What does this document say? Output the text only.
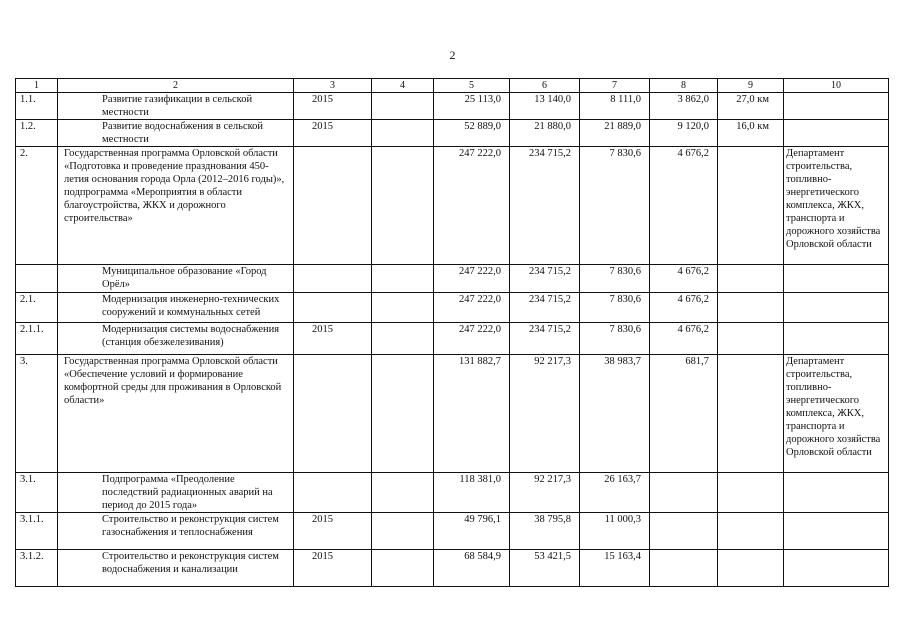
2
1	2	3	4	5	6	7	8	9	10
1.1.	Развитие газификации в сельской местности	2015		25 113,0	13 140,0	8 111,0	3 862,0	27,0 км	
1.2.	Развитие водоснабжения в сельской местности	2015		52 889,0	21 880,0	21 889,0	9 120,0	16,0 км	
2.	Государственная программа Орловской области «Подготовка и проведение празднования 450-летия основания города Орла (2012–2016 годы)», подпрограмма «Мероприятия в области благоустройства, ЖКХ и дорожного строительства»			247 222,0	234 715,2	7 830,6	4 676,2		Департамент строительства, топливно-энергетического комплекса, ЖКХ, транспорта и дорожного хозяйства Орловской области
	Муниципальное образование «Город Орёл»			247 222,0	234 715,2	7 830,6	4 676,2		
2.1.	Модернизация инженерно-технических сооружений и коммунальных сетей			247 222,0	234 715,2	7 830,6	4 676,2		
2.1.1.	Модернизация системы водоснабжения (станция обезжелезивания)	2015		247 222,0	234 715,2	7 830,6	4 676,2		
3.	Государственная программа Орловской области «Обеспечение условий и формирование комфортной среды для проживания в Орловской области»			131 882,7	92 217,3	38 983,7	681,7		Департамент строительства, топливно-энергетического комплекса, ЖКХ, транспорта и дорожного хозяйства Орловской области
3.1.	Подпрограмма «Преодоление последствий радиационных аварий на период до 2015 года»			118 381,0	92 217,3	26 163,7			
3.1.1.	Строительство и реконструкция систем газоснабжения и теплоснабжения	2015		49 796,1	38 795,8	11 000,3			
3.1.2.	Строительство и реконструкция систем водоснабжения и канализации	2015		68 584,9	53 421,5	15 163,4			
